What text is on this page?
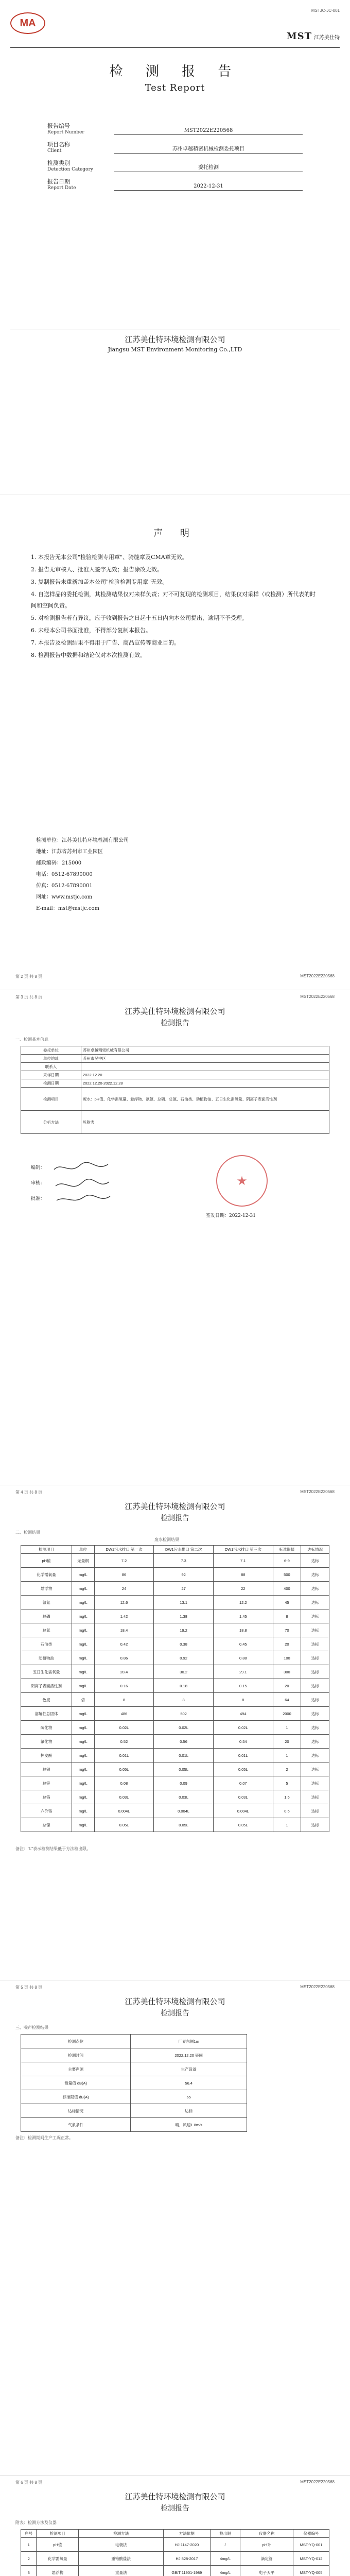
MA
MSTJC-JC-001
MST 江苏美仕特
检 测 报 告
Test Report
报告编号
Report Number	MST2022E220568
项目名称
Client	苏州卓越精密机械检测委托项目
检测类别
Detection Category	委托检测
报告日期
Report Date	2022-12-31
江苏美仕特环境检测有限公司
Jiangsu MST Environment Monitoring Co.,LTD
声 明

1. 本报告无本公司"检验检测专用章"、骑缝章及CMA章无效。

2. 报告无审核人、批准人签字无效；报告涂改无效。

3. 复制报告未重新加盖本公司"检验检测专用章"无效。

4. 自送样品的委托检测，其检测结果仅对来样负责；对不可复现的检测项目，结果仅对采样（或检测）所代表的时间和空间负责。

5. 对检测报告若有异议，应于收到报告之日起十五日内向本公司提出，逾期不予受理。

6. 未经本公司书面批准，不得部分复制本报告。

7. 本报告及检测结果不得用于广告、商品宣传等商业目的。

8. 检测报告中数据和结论仅对本次检测有效。

检测单位：江苏美仕特环境检测有限公司
地址：江苏省苏州市工业园区
邮政编码：215000
电话：0512-67890000
传真：0512-67890001
网址：www.mstjc.com
E-mail：mst@mstjc.com
第 2 页 共 8 页	MST2022E220568
第 3 页 共 8 页	MST2022E220568
江苏美仕特环境检测有限公司
检测报告
一、检测基本信息
委托单位	苏州卓越精密机械有限公司
单位地址	苏州市吴中区
联系人	
采样日期	2022.12.20
检测日期	2022.12.20-2022.12.28
检测项目	废水：pH值、化学需氧量、悬浮物、氨氮、总磷、总氮、石油类、动植物油、五日生化需氧量、阴离子表面活性剂
分析方法	见附表
编制：
审核：
批准：
★
签发日期：2022-12-31
第 4 页 共 8 页	MST2022E220568
江苏美仕特环境检测有限公司
检测报告
二、检测结果
废水检测结果
检测项目	单位	DW1污水排口 第一次	DW1污水排口 第二次	DW1污水排口 第三次	标准限值	达标情况
pH值	无量纲	7.2	7.3	7.1	6-9	达标
化学需氧量	mg/L	86	92	88	500	达标
悬浮物	mg/L	24	27	22	400	达标
氨氮	mg/L	12.6	13.1	12.2	45	达标
总磷	mg/L	1.42	1.38	1.45	8	达标
总氮	mg/L	18.4	19.2	18.8	70	达标
石油类	mg/L	0.42	0.38	0.45	20	达标
动植物油	mg/L	0.86	0.92	0.88	100	达标
五日生化需氧量	mg/L	28.4	30.2	29.1	300	达标
阴离子表面活性剂	mg/L	0.16	0.18	0.15	20	达标
色度	倍	8	8	8	64	达标
溶解性总固体	mg/L	486	502	494	2000	达标
硫化物	mg/L	0.02L	0.02L	0.02L	1	达标
氟化物	mg/L	0.52	0.56	0.54	20	达标
挥发酚	mg/L	0.01L	0.01L	0.01L	1	达标
总铜	mg/L	0.05L	0.05L	0.05L	2	达标
总锌	mg/L	0.08	0.09	0.07	5	达标
总铬	mg/L	0.03L	0.03L	0.03L	1.5	达标
六价铬	mg/L	0.004L	0.004L	0.004L	0.5	达标
总镍	mg/L	0.05L	0.05L	0.05L	1	达标
备注："L"表示检测结果低于方法检出限。
第 5 页 共 8 页	MST2022E220568
江苏美仕特环境检测有限公司
检测报告
三、噪声检测结果
检测点位	厂界东侧1m
检测时间	2022.12.20 昼间
主要声源	生产设备
测量值 dB(A)	56.4
标准限值 dB(A)	65
达标情况	达标
气象条件	晴，风速1.8m/s
备注：检测期间生产工况正常。
第 6 页 共 8 页	MST2022E220568
江苏美仕特环境检测有限公司
检测报告
附表：检测方法及仪器
序号	检测项目	检测方法	方法依据	检出限	仪器名称	仪器编号
1	pH值	电极法	HJ 1147-2020	/	pH计	MST-YQ-001
2	化学需氧量	重铬酸盐法	HJ 828-2017	4mg/L	滴定管	MST-YQ-012
3	悬浮物	重量法	GB/T 11901-1989	4mg/L	电子天平	MST-YQ-005
